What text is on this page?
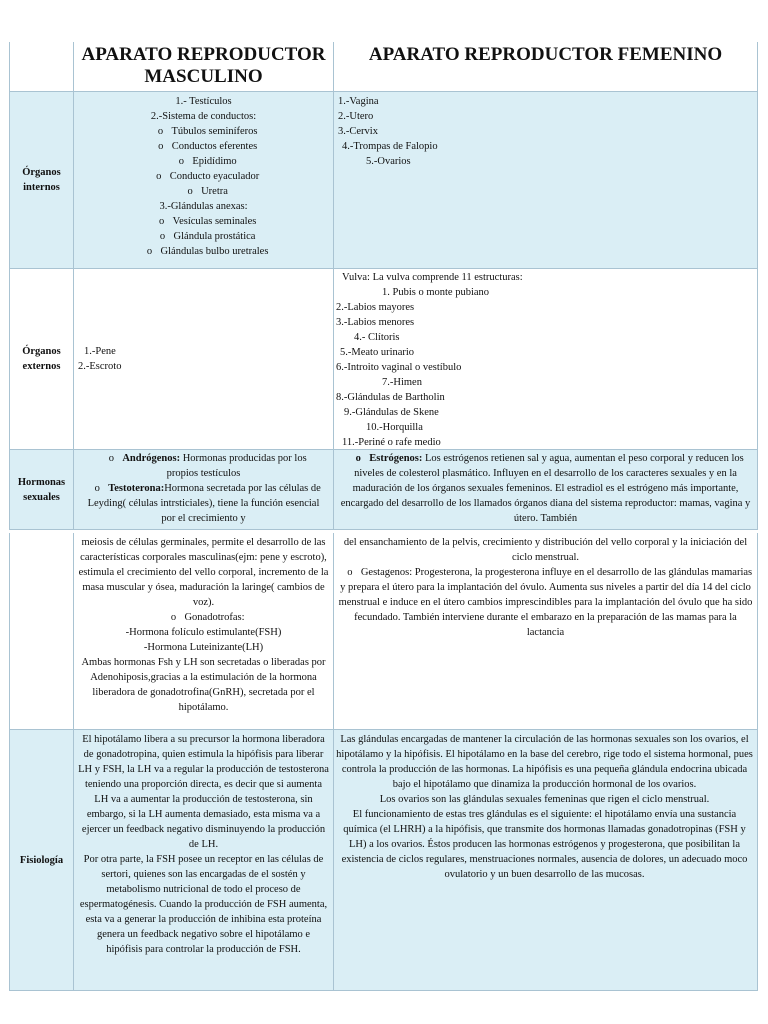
APARATO REPRODUCTOR MASCULINO
APARATO REPRODUCTOR FEMENINO
Órganos internos
1.- Testículos
2.-Sistema de conductos:
o Túbulos seminíferos
o Conductos eferentes
o Epidídimo
o Conducto eyaculador
o Uretra
3.-Glándulas anexas:
o Vesículas seminales
o Glándula prostática
o Glándulas bulbo uretrales
1.-Vagina
2.-Utero
3.-Cervix
4.-Trompas de Falopio
5.-Ovarios
Órganos externos
1.-Pene
2.-Escroto
Vulva: La vulva comprende 11 estructuras:
1. Pubis o monte pubiano
2.-Labios mayores
3.-Labios menores
4.- Clítoris
5.-Meato urinario
6.-Introito vaginal o vestíbulo
7.-Himen
8.-Glándulas de Bartholin
9.-Glándulas de Skene
10.-Horquilla
11.-Periné o rafe medio
Hormonas sexuales
o Andrógenos: Hormonas producidas por los propios testículos
o Testoterona:Hormona secretada por las células de Leyding( células intrsticiales), tiene la función esencial por el crecimiento y
o Estrógenos: Los estrógenos retienen sal y agua, aumentan el peso corporal y reducen los niveles de colesterol plasmático. Influyen en el desarrollo de los caracteres sexuales y en la maduración de los órganos sexuales femeninos. El estradiol es el estrógeno más importante, encargado del desarrollo de los llamados órganos diana del sistema reproductor: mamas, vagina y útero. También
meiosis de células germinales, permite el desarrollo de las características corporales masculinas(ejm: pene y escroto), estimula el crecimiento del vello corporal, incremento de la masa muscular y ósea, maduración la laringe( cambios de voz).
o Gonadotrofas:
-Hormona folículo estimulante(FSH)
-Hormona Luteinizante(LH)
Ambas hormonas Fsh y LH son secretadas o liberadas por Adenohiposis,gracias a la estimulación de la hormona liberadora de gonadotrofina(GnRH), secretada por el hipotálamo.
del ensanchamiento de la pelvis, crecimiento y distribución del vello corporal y la iniciación del ciclo menstrual.
o Gestagenos: Progesterona, la progesterona influye en el desarrollo de las glándulas mamarias y prepara el útero para la implantación del óvulo. Aumenta sus niveles a partir del día 14 del ciclo menstrual e induce en el útero cambios imprescindibles para la implantación del óvulo que ha sido fecundado. También interviene durante el embarazo en la preparación de las mamas para la lactancia
Fisiología
El hipotálamo libera a su precursor la hormona liberadora de gonadotropina, quien estimula la hipófisis para liberar LH y FSH, la LH va a regular la producción de testosterona teniendo una proporción directa, es decir que si aumenta LH va a aumentar la producción de testosterona, sin embargo, si la LH aumenta demasiado, esta misma va a ejercer un feedback negativo disminuyendo la producción de LH.
Por otra parte, la FSH posee un receptor en las células de sertori, quienes son las encargadas de el sostén y metabolismo nutricional de todo el proceso de espermatogénesis. Cuando la producción de FSH aumenta, esta va a generar la producción de inhibina esta proteína genera un feedback negativo sobre el hipotálamo e hipófisis para controlar la producción de FSH.
Las glándulas encargadas de mantener la circulación de las hormonas sexuales son los ovarios, el hipotálamo y la hipófisis. El hipotálamo en la base del cerebro, rige todo el sistema hormonal, pues controla la producción de las hormonas. La hipófisis es una pequeña glándula endocrina ubicada bajo el hipotálamo que dinamiza la producción hormonal de los ovarios.
Los ovarios son las glándulas sexuales femeninas que rigen el ciclo menstrual.
El funcionamiento de estas tres glándulas es el siguiente: el hipotálamo envía una sustancia química (el LHRH) a la hipófisis, que transmite dos hormonas llamadas gonadotropinas (FSH y LH) a los ovarios. Éstos producen las hormonas estrógenos y progesterona, que posibilitan la existencia de ciclos regulares, menstruaciones normales, ausencia de dolores, un adecuado moco ovulatorio y un buen desarrollo de las mucosas.
